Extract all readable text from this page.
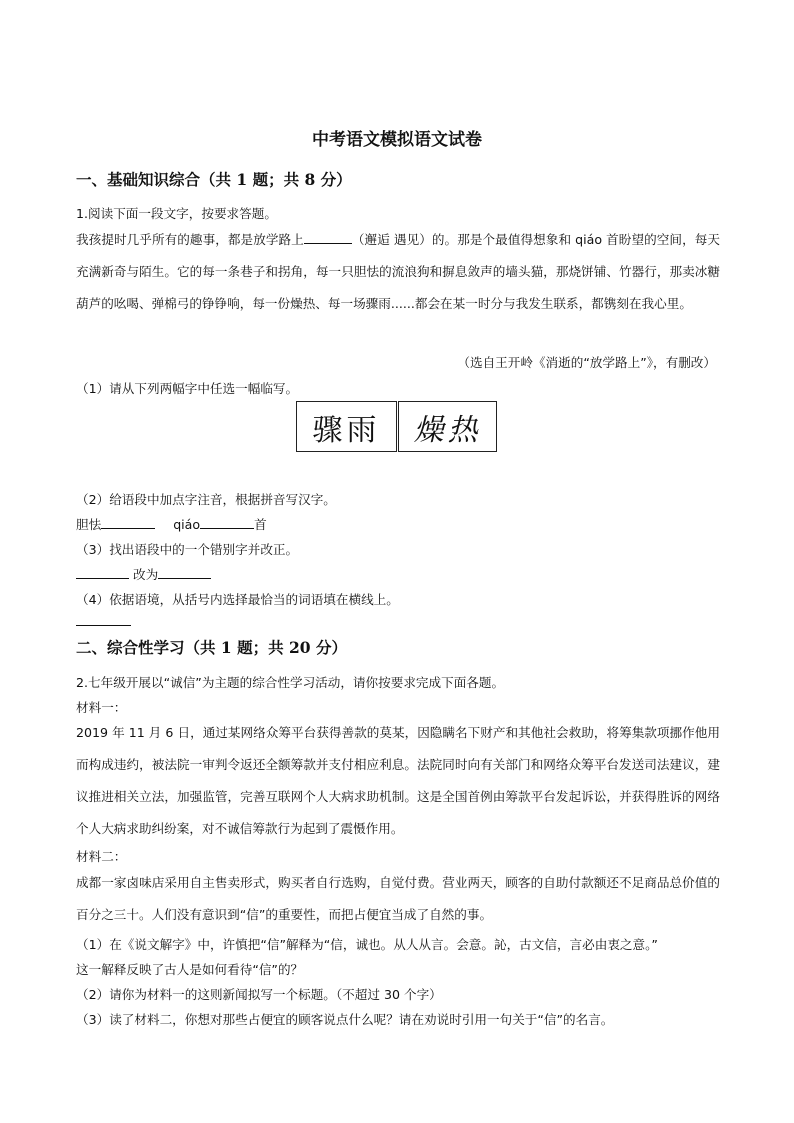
中考语文模拟语文试卷
一、基础知识综合（共 1 题；共 8 分）
1.阅读下面一段文字，按要求答题。
我孩提时几乎所有的趣事，都是放学路上	（邂逅 遇见）的。那是个最值得想象和 qiáo 首盼望的空间，每天充满新奇与陌生。它的每一条巷子和拐角，每一只胆怯的流浪狗和摒息敛声的墙头猫，那烧饼铺、竹器行，那卖冰糖葫芦的吆喝、弹棉弓的铮铮响，每一份燥热、每一场骤雨......都会在某一时分与我发生联系，都镌刻在我心里。
（选自王开岭《消逝的“放学路上”》，有删改）
（1）请从下列两幅字中任选一幅临写。
骤雨	燥热
（2）给语段中加点字注音，根据拼音写汉字。
胆怯	qiáo	首
（3）找出语段中的一个错别字并改正。
改为
（4）依据语境，从括号内选择最恰当的词语填在横线上。
二、综合性学习（共 1 题；共 20 分）
2.七年级开展以“诚信”为主题的综合性学习活动，请你按要求完成下面各题。
材料一：
2019 年 11 月 6 日，通过某网络众筹平台获得善款的莫某，因隐瞒名下财产和其他社会救助，将筹集款项挪作他用而构成违约，被法院一审判令返还全额筹款并支付相应利息。法院同时向有关部门和网络众筹平台发送司法建议，建议推进相关立法，加强监管，完善互联网个人大病求助机制。这是全国首例由筹款平台发起诉讼，并获得胜诉的网络个人大病求助纠纷案，对不诚信筹款行为起到了震慑作用。
材料二：
成都一家卤味店采用自主售卖形式，购买者自行选购，自觉付费。营业两天，顾客的自助付款额还不足商品总价值的百分之三十。人们没有意识到“信”的重要性，而把占便宜当成了自然的事。
（1）在《说文解字》中，许慎把“信”解释为“信，诚也。从人从言。会意。訫，古文信，言必由衷之意。”
这一解释反映了古人是如何看待“信”的？
（2）请你为材料一的这则新闻拟写一个标题。（不超过 30 个字）
（3）读了材料二，你想对那些占便宜的顾客说点什么呢？请在劝说时引用一句关于“信”的名言。
